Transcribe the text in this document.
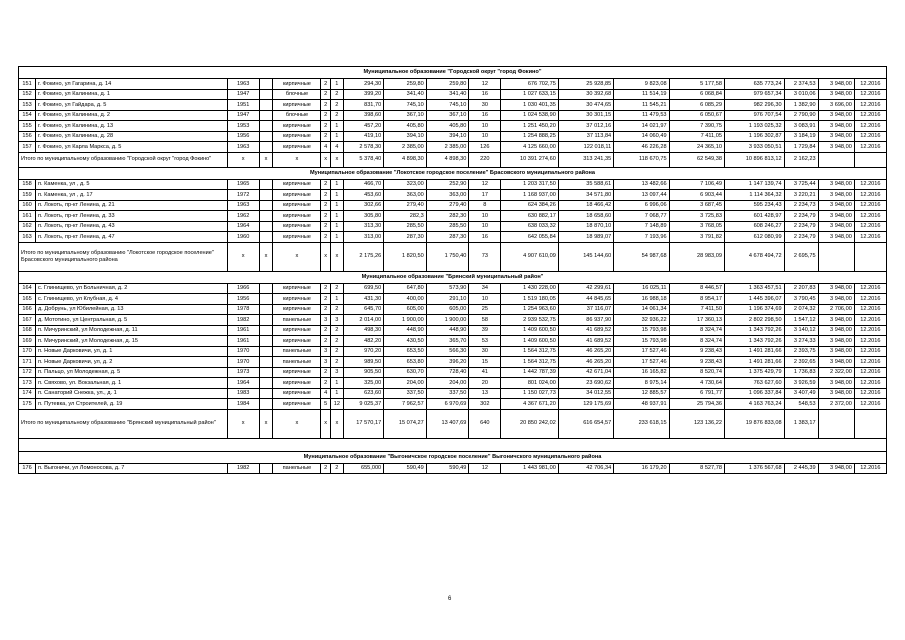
Муниципальное образование "Городской округ "город Фокино"																		
151	г. Фокино, ул Гагарина, д. 14	1963		кирпичные	2	1	294,30	259,80	259,80	12	676 702,75	25 928,85	9 823,08	5 177,58	635 773,24	2 374,53	3 948,00	12.2016
152	г. Фокино, ул Калинина, д. 1	1947		блочные	2	2	399,20	341,40	341,40	16	1 027 633,15	30 392,68	11 514,19	6 068,84	979 657,34	3 010,06	3 948,00	12.2016
153	г. Фокино, ул Гайдара, д. 5	1951		кирпичные	2	2	831,70	745,10	745,10	30	1 030 401,35	30 474,65	11 545,21	6 085,29	982 296,30	1 382,90	3 696,00	12.2016
154	г. Фокино, ул Калинина, д. 2	1947		блочные	2	2	398,60	367,10	367,10	16	1 024 538,90	30 301,15	11 479,53	6 050,67	976 707,54	2 790,90	3 948,00	12.2016
155	г. Фокино, ул Калинина, д. 13	1953		кирпичные	2	1	457,20	405,80	405,80	10	1 251 450,20	37 012,16	14 021,97	7 390,75	1 193 025,32	3 083,91	3 948,00	12.2016
156	г. Фокино, ул Калинина, д. 28	1956		кирпичные	2	1	419,10	394,10	394,10	10	1 254 888,25	37 113,84	14 060,49	7 411,05	1 196 302,87	3 184,19	3 948,00	12.2016
157	г. Фокино, ул Карла Маркса, д. 5	1963		кирпичные	4	4	2 578,30	2 385,00	2 385,00	126	4 125 660,00	122 018,11	46 226,28	24 365,10	3 933 050,51	1 729,84	3 948,00	12.2016
Итого по муниципальному образованию "Городской округ "город Фокино"		x	x	x	x	x	5 378,40	4 898,30	4 898,30	220	10 391 274,60	313 241,35	118 670,75	62 549,38	10 896 813,12	2 162,23		
Муниципальное образование "Локотское городское поселение" Брасовского муниципального района																		
158	п. Каменка, ул , д. 5	1965		кирпичные	2	1	466,70	323,00	252,90	12	1 203 317,50	35 588,61	13 482,66	7 106,49	1 147 139,74	3 725,44	3 948,00	12.2016
159	п. Каменка, ул , д. 17	1972		кирпичные	2	1	453,60	363,00	363,00	17	1 168 937,00	34 571,80	13 097,44	6 903,44	1 114 364,32	3 220,21	3 948,00	12.2016
160	п. Локоть, пр-кт Ленина, д. 21	1963		кирпичные	2	1	302,66	279,40	279,40	8	624 384,26	18 466,42	6 996,06	3 687,45	595 234,43	2 234,73	3 948,00	12.2016
161	п. Локоть, пр-кт Ленина, д. 33	1962		кирпичные	2	1	305,80	282,3	282,30	10	630 882,17	18 658,60	7 068,77	3 725,83	601 428,97	2 234,79	3 948,00	12.2016
162	п. Локоть, пр-кт Ленина, д. 43	1964		кирпичные	2	1	313,30	285,50	285,50	10	638 033,32	18 870,10	7 148,89	3 768,05	608 246,27	2 234,79	3 948,00	12.2016
163	п. Локоть, пр-кт Ленина, д. 47	1960		кирпичные	2	1	313,00	287,30	287,30	16	642 055,84	18 989,07	7 193,96	3 791,82	612 080,99	2 234,79	3 948,00	12.2016
Итого по муниципальному образованию "Локотское городское поселение" Брасовского муниципального района		x	x	x	x	x	2 175,26	1 820,50	1 750,40	73	4 907 610,09	145 144,60	54 987,68	28 983,09	4 678 494,72	2 695,75		
Муниципальное образование "Брянский муниципальный район"																		
164	с. Глинищево, ул Больничная, д. 2	1966		кирпичные	2	2	699,50	647,80	573,90	34	1 430 228,00	42 299,61	16 025,11	8 446,57	1 363 457,51	2 207,83	3 948,00	12.2016
165	с. Глинищево, ул Клубная, д. 4	1956		кирпичные	2	1	431,30	400,00	291,10	10	1 519 180,05	44 845,65	16 988,18	8 954,17	1 445 396,07	3 790,45	3 948,00	12.2016
166	д. Добрунь, ул Юбилейная, д. 13	1978		кирпичные	2	2	645,70	605,00	605,00	25	1 254 963,60	37 116,07	14 061,34	7 411,50	1 196 374,69	2 074,32	2 706,00	12.2016
167	д. Мототино, ул Центральная, д. 5	1982		панельные	3	3	2 014,00	1 900,00	1 900,00	58	2 939 532,75	86 937,90	32 936,22	17 360,13	2 802 298,50	1 547,12	3 948,00	12.2016
168	п. Мичуринский, ул Молодежная, д. 11	1961		кирпичные	2	2	498,30	448,90	448,90	39	1 409 600,50	41 689,52	15 793,98	8 324,74	1 343 792,26	3 140,12	3 948,00	12.2016
169	п. Мичуринский, ул Молодежная, д. 15	1961		кирпичные	2	2	482,20	430,50	365,70	53	1 409 600,50	41 689,52	15 793,98	8 324,74	1 343 792,26	3 274,33	3 948,00	12.2016
170	п. Новые Дарковичи, ул, д. 1	1970		панельные	3	2	970,20	653,50	566,30	30	1 564 312,75	46 265,20	17 527,46	9 238,43	1 491 281,66	2 393,75	3 948,00	12.2016
171	п. Новые Дарковичи, ул, д. 2	1970		панельные	3	2	989,50	653,80	396,20	15	1 564 312,75	46 265,20	17 527,46	9 238,43	1 491 281,66	2 392,65	3 948,00	12.2016
172	п. Пальцо, ул Молодежная, д. 5	1973		кирпичные	2	3	905,50	630,70	728,40	41	1 442 787,39	42 671,04	16 165,82	8 520,74	1 375 429,79	1 736,83	2 322,00	12.2016
173	п. Свяхово, ул. Вокзальная, д. 1	1964		кирпичные	2	1	325,00	204,00	204,00	20	801 024,00	23 690,62	8 975,14	4 730,64	763 627,60	3 926,59	3 948,00	12.2016
174	п. Санаторий Снежка, ул., д. 1	1983		кирпичные	4	1	623,60	337,50	337,50	13	1 150 027,73	34 012,55	12 885,57	6 791,77	1 096 337,84	3 407,49	3 948,00	12.2016
175	п. Путевка, ул Строителей, д. 19	1984		кирпичные	5	12	9 025,37	7 962,57	6 970,69	302	4 367 671,20	129 175,69	48 937,91	25 794,36	4 163 763,24	548,53	2 372,00	12.2016
Итого по муниципальному образованию "Брянский муниципальный район"		x	x	x	x	x	17 570,17	15 074,27	13 407,69	640	20 850 242,02	616 654,57	233 618,15	123 136,22	19 876 833,08	1 383,17		

Муниципальное образование "Выгоничское городское поселение" Выгоничского муниципального района																		
176	п. Выгоничи, ул Ломоносова, д. 7	1982		панельные	2	2	655,000	590,49	590,49	12	1 443 981,00	42 706,34	16 179,20	8 527,78	1 376 567,68	2 445,39	3 948,00	12.2016
6
